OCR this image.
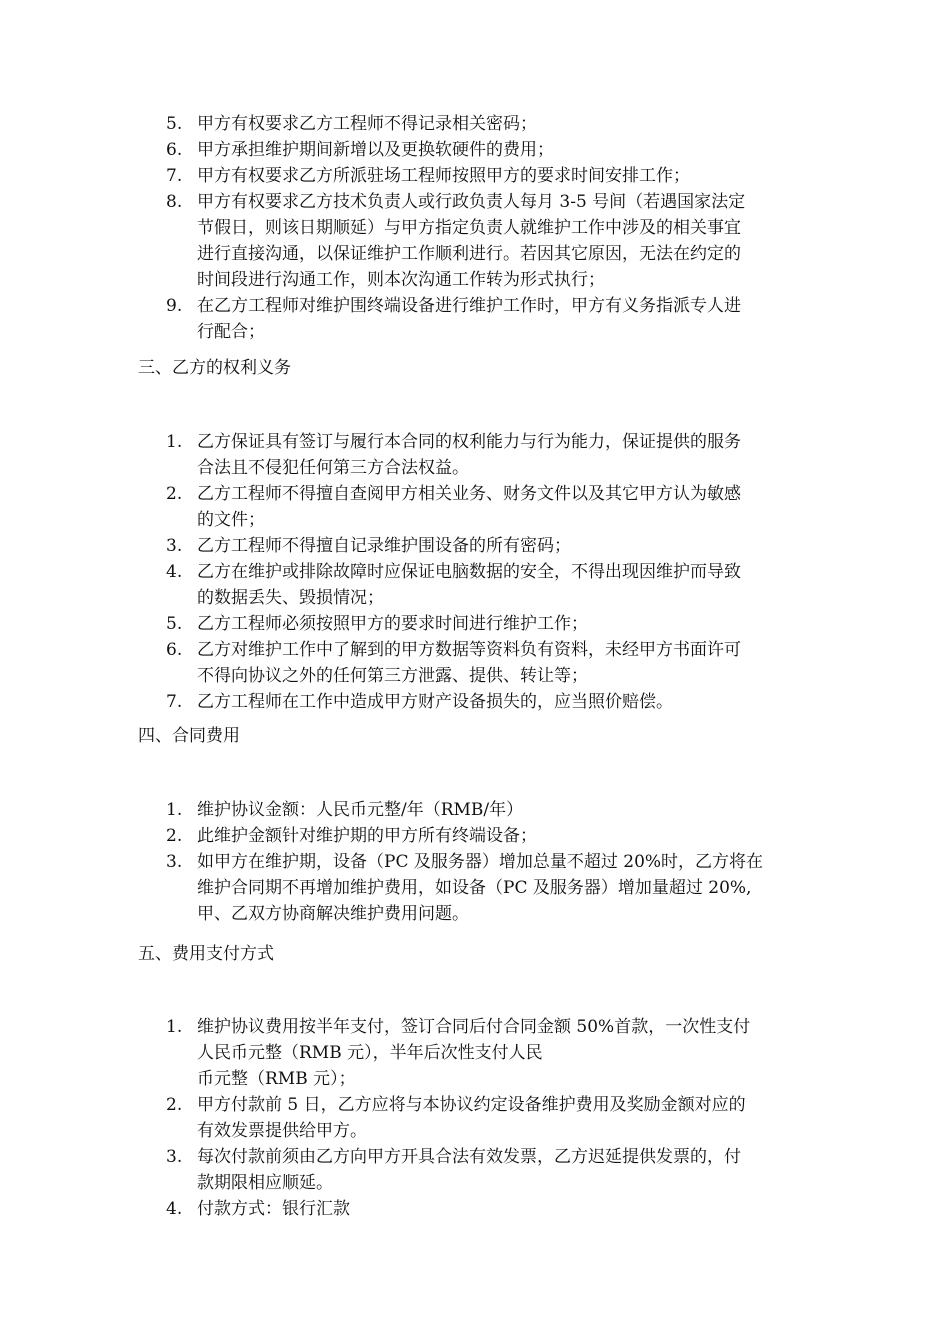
5. 甲方有权要求乙方工程师不得记录相关密码；
6. 甲方承担维护期间新增以及更换软硬件的费用；
7. 甲方有权要求乙方所派驻场工程师按照甲方的要求时间安排工作；
8. 甲方有权要求乙方技术负责人或行政负责人每月 3-5 号间（若遇国家法定
节假日，则该日期顺延）与甲方指定负责人就维护工作中涉及的相关事宜
进行直接沟通，以保证维护工作顺利进行。若因其它原因，无法在约定的
时间段进行沟通工作，则本次沟通工作转为形式执行；
9. 在乙方工程师对维护围终端设备进行维护工作时，甲方有义务指派专人进
行配合；
三、乙方的权利义务
1. 乙方保证具有签订与履行本合同的权利能力与行为能力，保证提供的服务
合法且不侵犯任何第三方合法权益。
2. 乙方工程师不得擅自查阅甲方相关业务、财务文件以及其它甲方认为敏感
的文件；
3. 乙方工程师不得擅自记录维护围设备的所有密码；
4. 乙方在维护或排除故障时应保证电脑数据的安全，不得出现因维护而导致
的数据丢失、毁损情况；
5. 乙方工程师必须按照甲方的要求时间进行维护工作；
6. 乙方对维护工作中了解到的甲方数据等资料负有资料，未经甲方书面许可
不得向协议之外的任何第三方泄露、提供、转让等；
7. 乙方工程师在工作中造成甲方财产设备损失的，应当照价赔偿。
四、合同费用
1. 维护协议金额：人民币元整/年（RMB/年）
2. 此维护金额针对维护期的甲方所有终端设备；
3. 如甲方在维护期，设备（PC 及服务器）增加总量不超过 20%时，乙方将在
维护合同期不再增加维护费用，如设备（PC 及服务器）增加量超过 20%,
甲、乙双方协商解决维护费用问题。
五、费用支付方式
1. 维护协议费用按半年支付，签订合同后付合同金额 50%首款，一次性支付
人民币元整（RMB 元），半年后次性支付人民
币元整（RMB 元）；
2. 甲方付款前 5 日，乙方应将与本协议约定设备维护费用及奖励金额对应的
有效发票提供给甲方。
3. 每次付款前须由乙方向甲方开具合法有效发票，乙方迟延提供发票的，付
款期限相应顺延。
4. 付款方式：银行汇款
